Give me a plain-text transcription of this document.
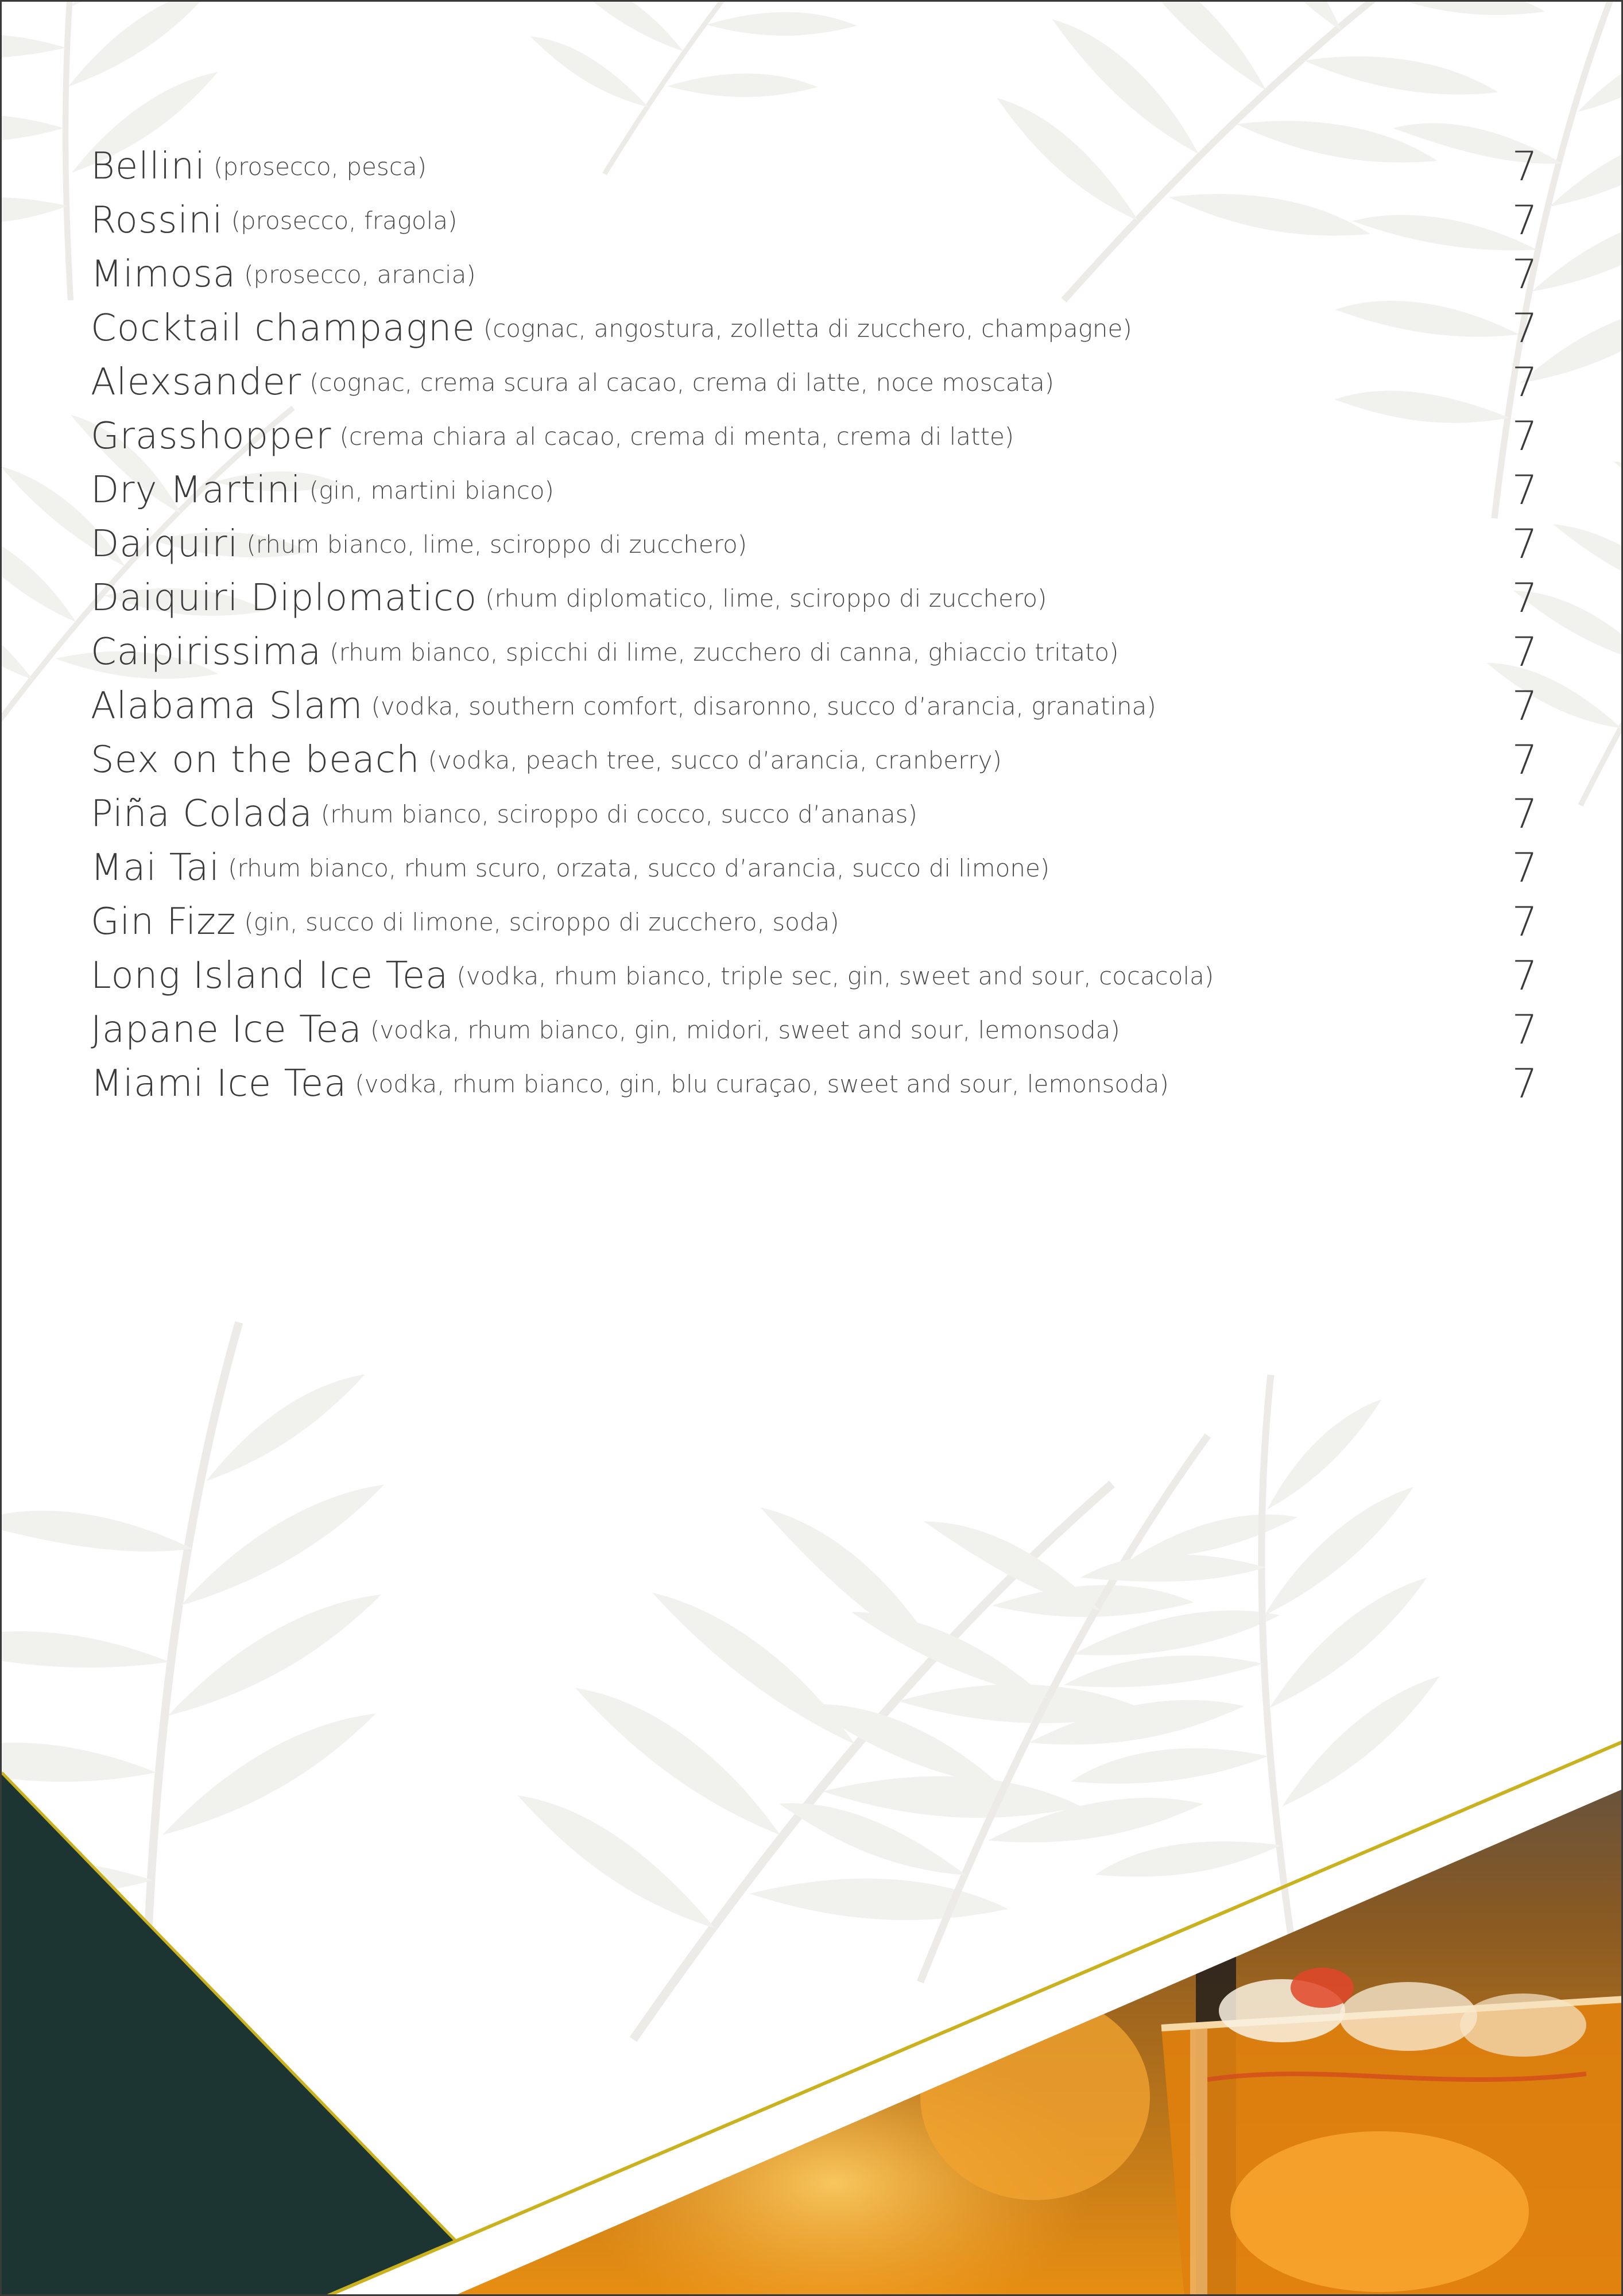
Bellini (prosecco, pesca)	7
Rossini (prosecco, fragola)	7
Mimosa (prosecco, arancia)	7
Cocktail champagne (cognac, angostura, zolletta di zucchero, champagne)	7
Alexsander (cognac, crema scura al cacao, crema di latte, noce moscata)	7
Grasshopper (crema chiara al cacao, crema di menta, crema di latte)	7
Dry Martini (gin, martini bianco)	7
Daiquiri (rhum bianco, lime, sciroppo di zucchero)	7
Daiquiri Diplomatico (rhum diplomatico, lime, sciroppo di zucchero)	7
Caipirissima (rhum bianco, spicchi di lime, zucchero di canna, ghiaccio tritato)	7
Alabama Slam (vodka, southern comfort, disaronno, succo d’arancia, granatina)	7
Sex on the beach (vodka, peach tree, succo d’arancia, cranberry)	7
Piña Colada (rhum bianco, sciroppo di cocco, succo d’ananas)	7
Mai Tai (rhum bianco, rhum scuro, orzata, succo d’arancia, succo di limone)	7
Gin Fizz (gin, succo di limone, sciroppo di zucchero, soda)	7
Long Island Ice Tea (vodka, rhum bianco, triple sec, gin, sweet and sour, cocacola)	7
Japane Ice Tea (vodka, rhum bianco, gin, midori, sweet and sour, lemonsoda)	7
Miami Ice Tea (vodka, rhum bianco, gin, blu curaçao, sweet and sour, lemonsoda)	7
